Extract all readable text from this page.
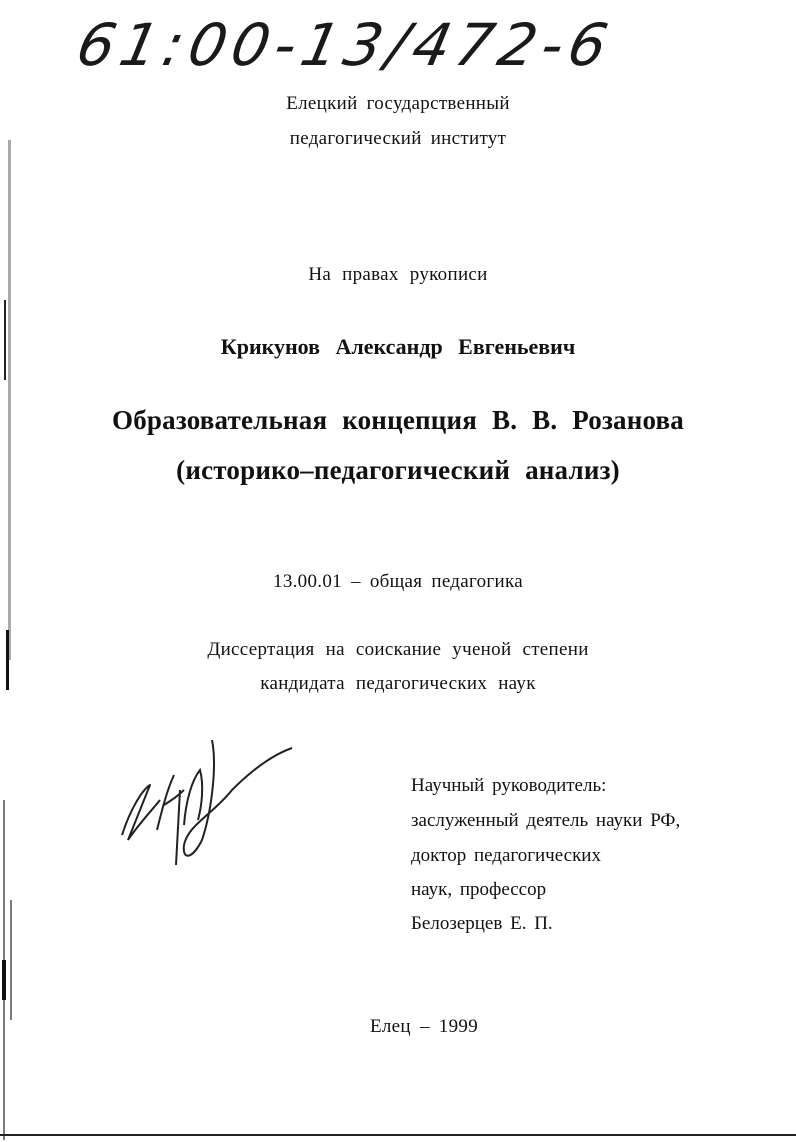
61:00-13/472-6
Елецкий государственный
педагогический институт
На правах рукописи
Крикунов Александр Евгеньевич
Образовательная концепция В. В. Розанова
(историко–педагогический анализ)
13.00.01 – общая педагогика
Диссертация на соискание ученой степени
кандидата педагогических наук
Научный руководитель:
заслуженный деятель науки РФ,
доктор педагогических
наук, профессор
Белозерцев Е. П.
Елец – 1999
